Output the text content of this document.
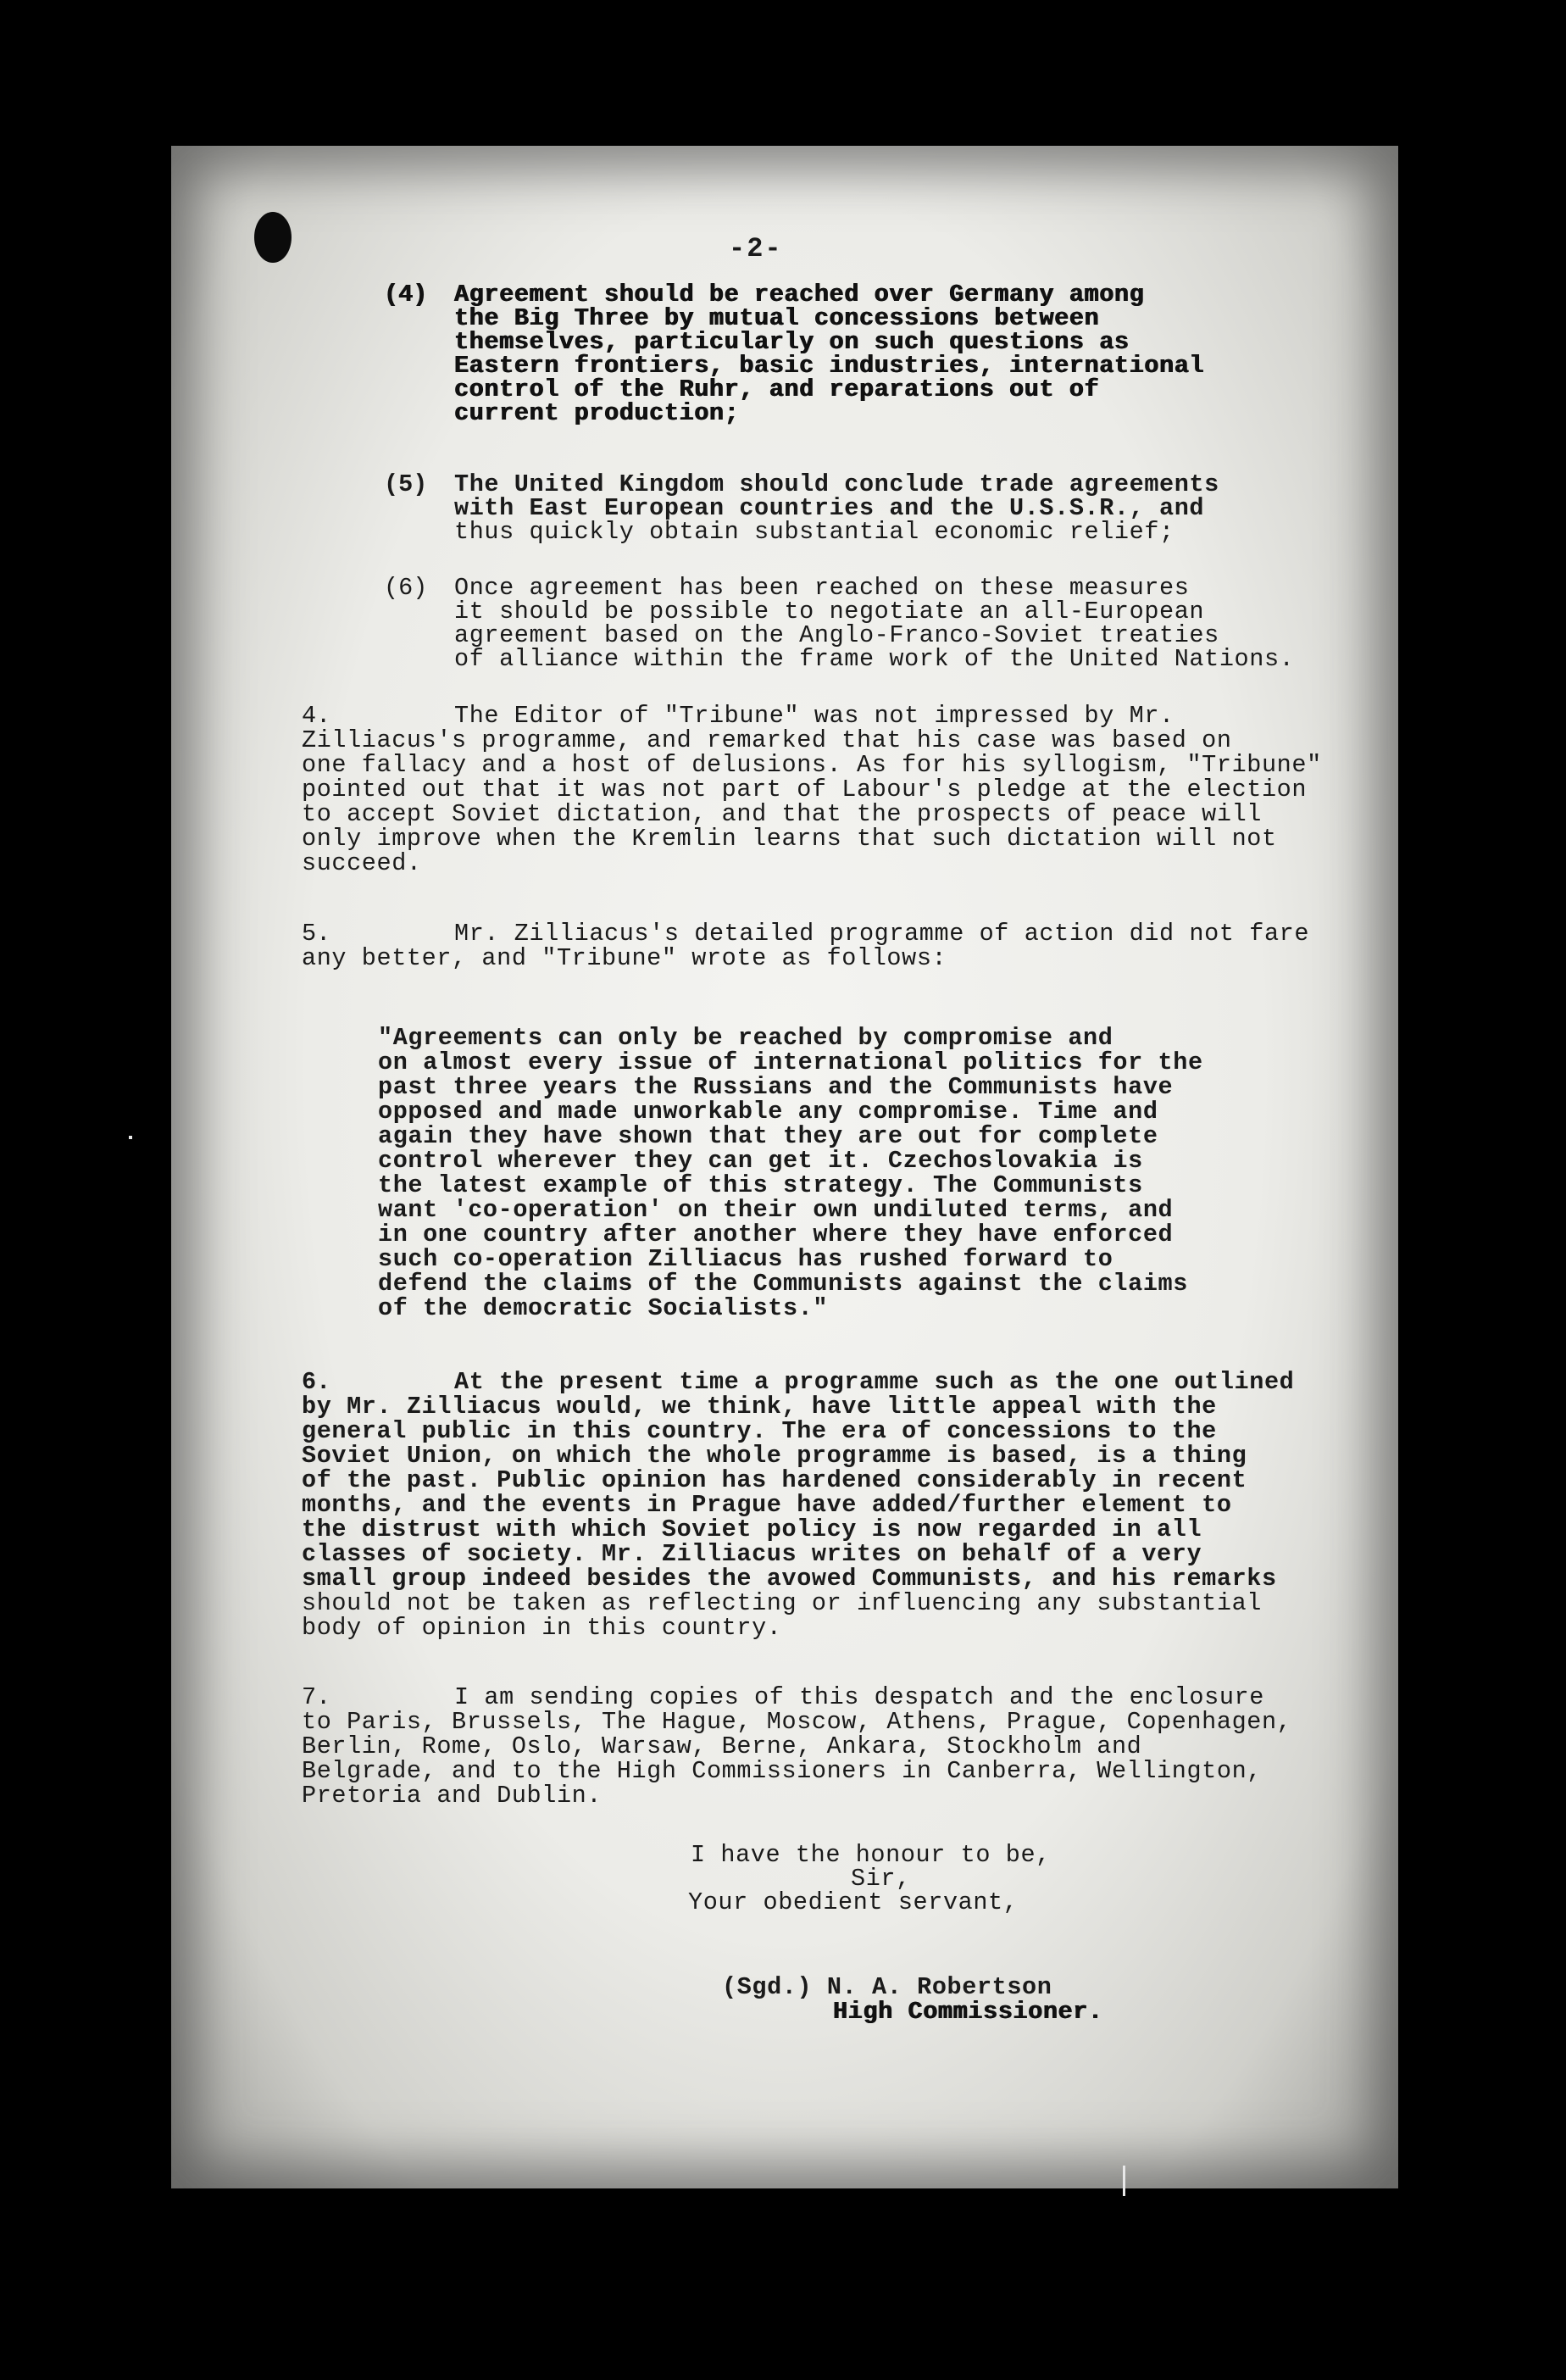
-2-
(4) Agreement should be reached over Germany among

the Big Three by mutual concessions between

themselves, particularly on such questions as

Eastern frontiers, basic industries, international

control of the Ruhr, and reparations out of

current production;

(5) The United Kingdom should conclude trade agreements

with East European countries and the U.S.S.R., and

thus quickly obtain substantial economic relief;

(6) Once agreement has been reached on these measures

it should be possible to negotiate an all-European

agreement based on the Anglo-Franco-Soviet treaties

of alliance within the frame work of the United Nations.

4.	The Editor of "Tribune" was not impressed by Mr.

Zilliacus's programme, and remarked that his case was based on

one fallacy and a host of delusions. As for his syllogism, "Tribune"

pointed out that it was not part of Labour's pledge at the election

to accept Soviet dictation, and that the prospects of peace will

only improve when the Kremlin learns that such dictation will not

succeed.

5.	Mr. Zilliacus's detailed programme of action did not fare

any better, and "Tribune" wrote as follows:

"Agreements can only be reached by compromise and

on almost every issue of international politics for the

past three years the Russians and the Communists have

opposed and made unworkable any compromise. Time and

again they have shown that they are out for complete

control wherever they can get it. Czechoslovakia is

the latest example of this strategy. The Communists

want 'co-operation' on their own undiluted terms, and

in one country after another where they have enforced

such co-operation Zilliacus has rushed forward to

defend the claims of the Communists against the claims

of the democratic Socialists."

6.	At the present time a programme such as the one outlined

by Mr. Zilliacus would, we think, have little appeal with the

general public in this country. The era of concessions to the

Soviet Union, on which the whole programme is based, is a thing

of the past. Public opinion has hardened considerably in recent

months, and the events in Prague have added/further element to

the distrust with which Soviet policy is now regarded in all

classes of society. Mr. Zilliacus writes on behalf of a very

small group indeed besides the avowed Communists, and his remarks

should not be taken as reflecting or influencing any substantial

body of opinion in this country.

7.	I am sending copies of this despatch and the enclosure

to Paris, Brussels, The Hague, Moscow, Athens, Prague, Copenhagen,

Berlin, Rome, Oslo, Warsaw, Berne, Ankara, Stockholm and

Belgrade, and to the High Commissioners in Canberra, Wellington,

Pretoria and Dublin.

I have the honour to be,

Sir,

Your obedient servant,

(Sgd.) N. A. Robertson

High Commissioner.
